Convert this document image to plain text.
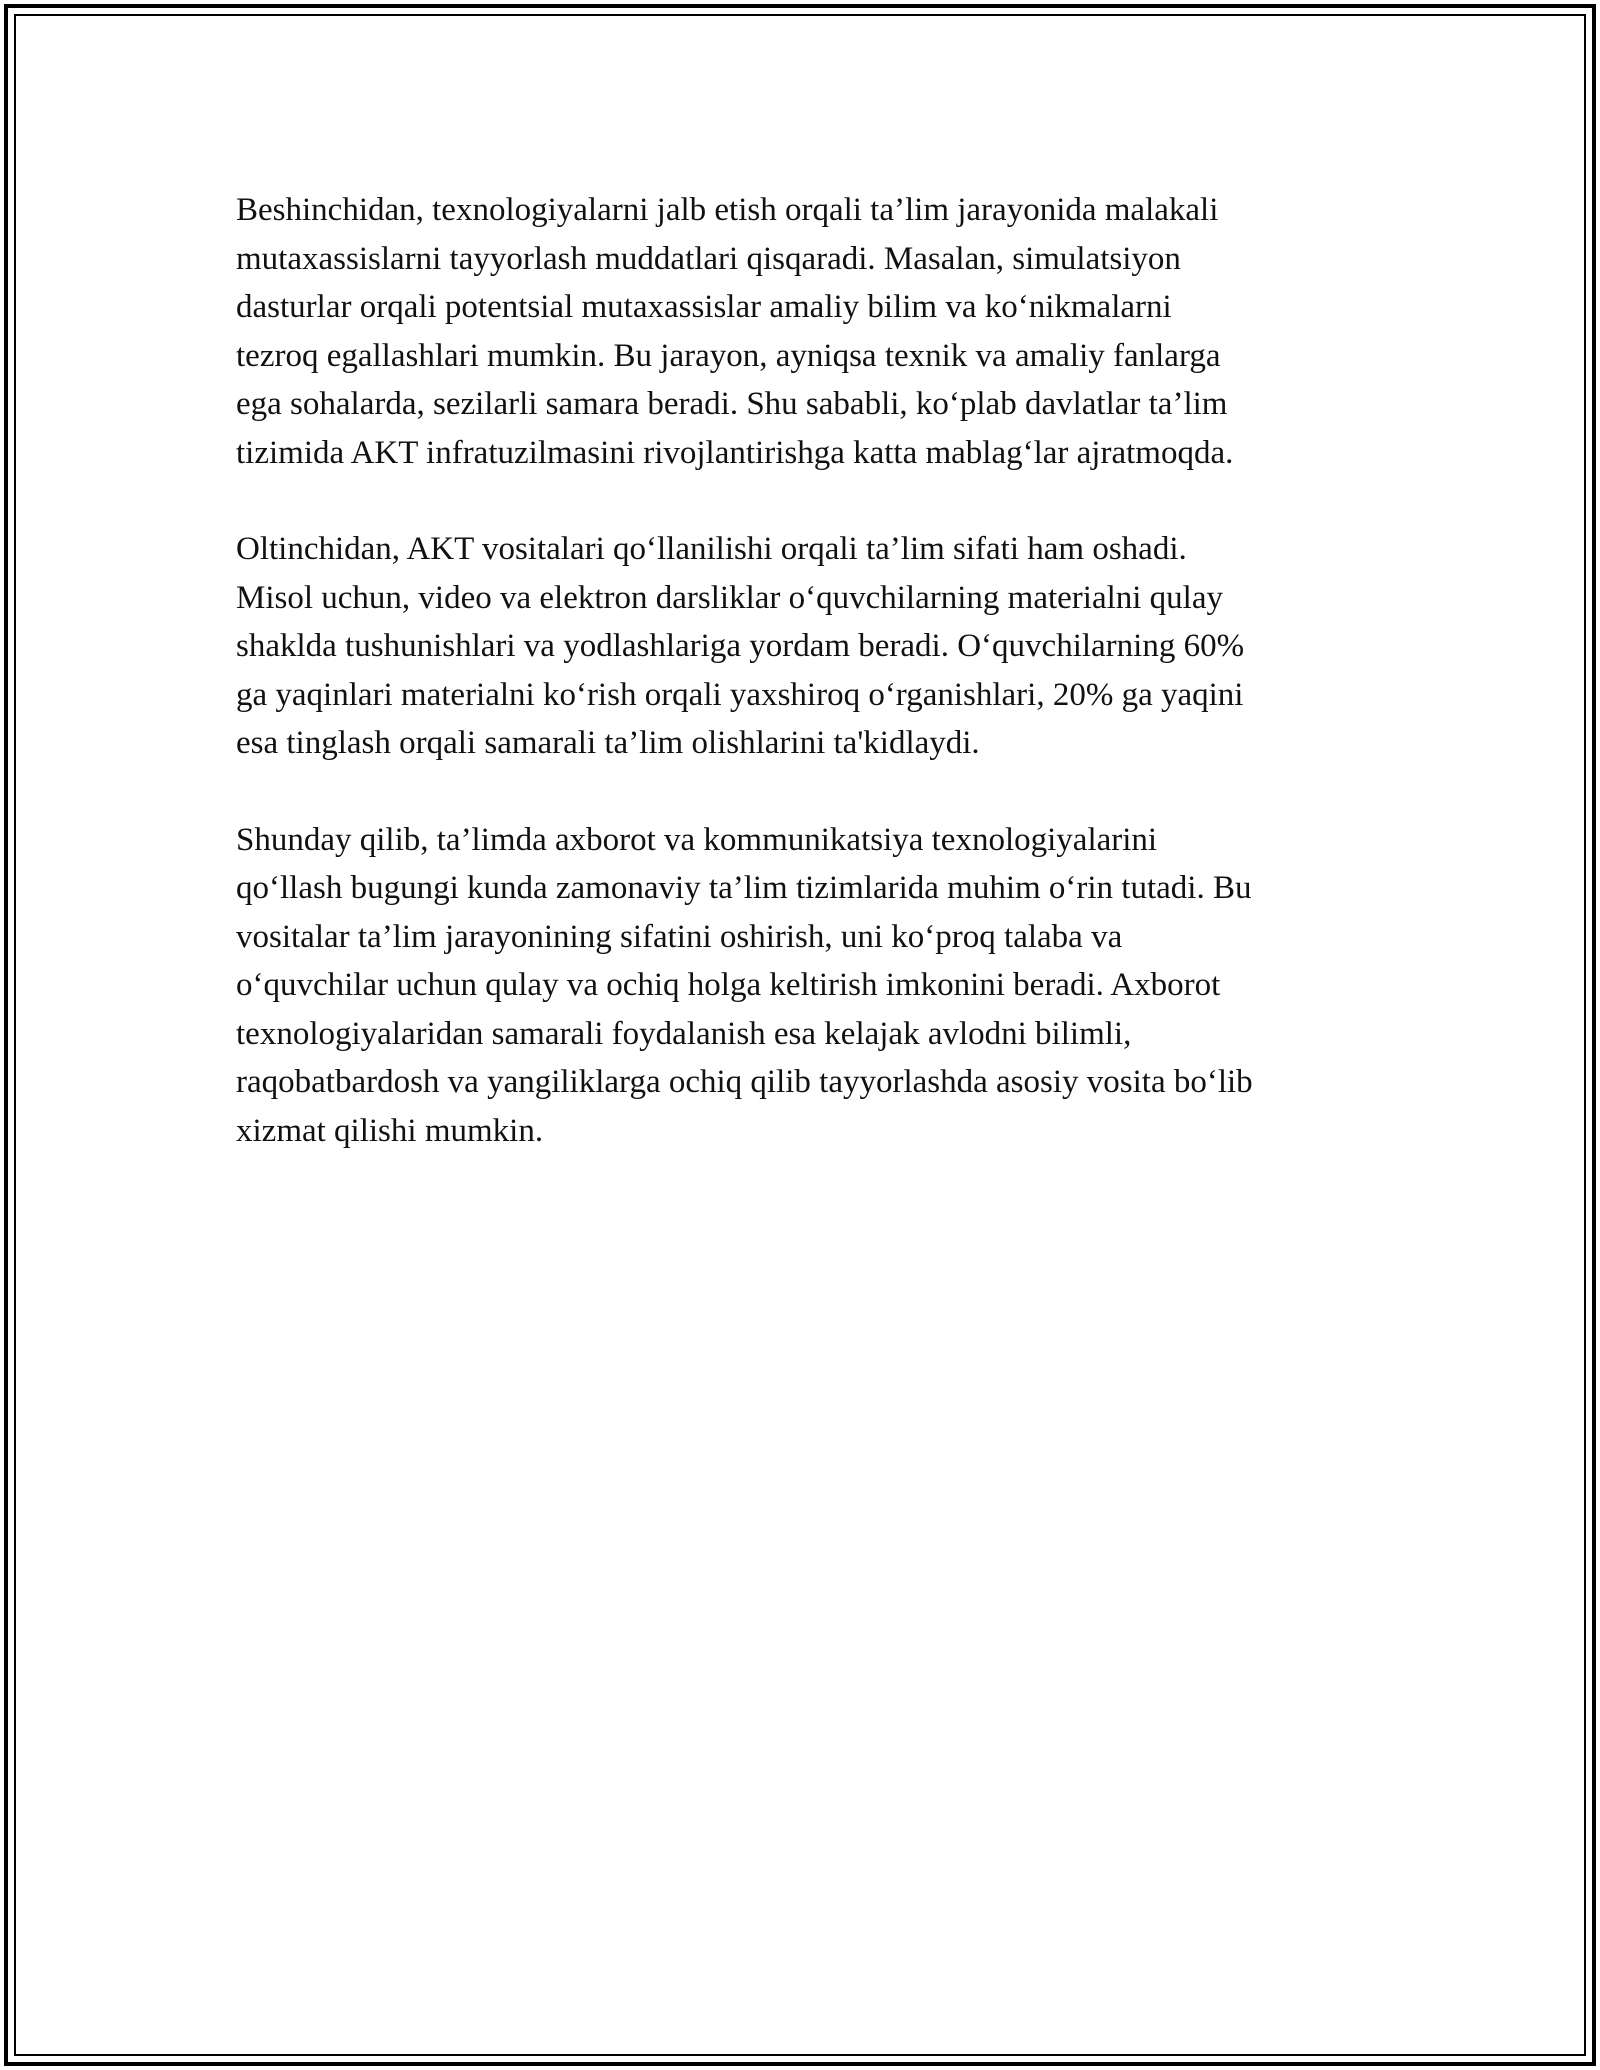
Beshinchidan, texnologiyalarni jalb etish orqali ta’lim jarayonida malakali
mutaxassislarni tayyorlash muddatlari qisqaradi. Masalan, simulatsiyon
dasturlar orqali potentsial mutaxassislar amaliy bilim va ko‘nikmalarni
tezroq egallashlari mumkin. Bu jarayon, ayniqsa texnik va amaliy fanlarga
ega sohalarda, sezilarli samara beradi. Shu sababli, ko‘plab davlatlar ta’lim
tizimida AKT infratuzilmasini rivojlantirishga katta mablag‘lar ajratmoqda.

Oltinchidan, AKT vositalari qo‘llanilishi orqali ta’lim sifati ham oshadi.
Misol uchun, video va elektron darsliklar o‘quvchilarning materialni qulay
shaklda tushunishlari va yodlashlariga yordam beradi. O‘quvchilarning 60%
ga yaqinlari materialni ko‘rish orqali yaxshiroq o‘rganishlari, 20% ga yaqini
esa tinglash orqali samarali ta’lim olishlarini ta'kidlaydi.

Shunday qilib, ta’limda axborot va kommunikatsiya texnologiyalarini
qo‘llash bugungi kunda zamonaviy ta’lim tizimlarida muhim o‘rin tutadi. Bu
vositalar ta’lim jarayonining sifatini oshirish, uni ko‘proq talaba va
o‘quvchilar uchun qulay va ochiq holga keltirish imkonini beradi. Axborot
texnologiyalaridan samarali foydalanish esa kelajak avlodni bilimli,
raqobatbardosh va yangiliklarga ochiq qilib tayyorlashda asosiy vosita bo‘lib
xizmat qilishi mumkin.
